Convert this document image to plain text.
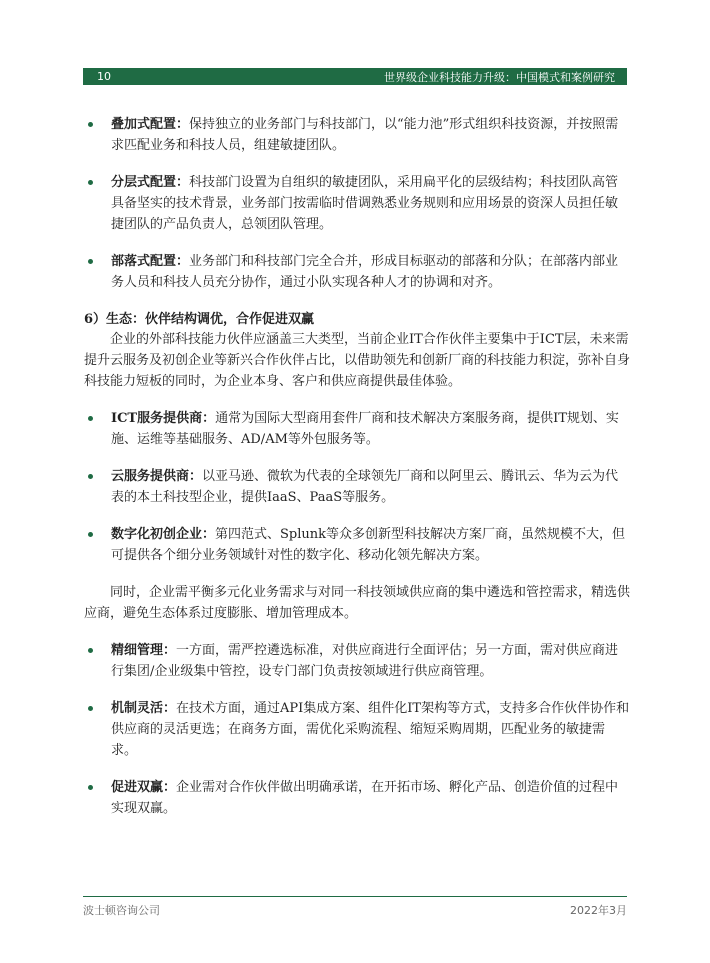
10	世界级企业科技能力升级：中国模式和案例研究
叠加式配置：保持独立的业务部门与科技部门，以“能力池”形式组织科技资源，并按照需求匹配业务和科技人员，组建敏捷团队。
分层式配置：科技部门设置为自组织的敏捷团队，采用扁平化的层级结构；科技团队高管具备坚实的技术背景，业务部门按需临时借调熟悉业务规则和应用场景的资深人员担任敏捷团队的产品负责人，总领团队管理。
部落式配置：业务部门和科技部门完全合并，形成目标驱动的部落和分队；在部落内部业务人员和科技人员充分协作，通过小队实现各种人才的协调和对齐。
6）生态：伙伴结构调优，合作促进双赢

企业的外部科技能力伙伴应涵盖三大类型，当前企业IT合作伙伴主要集中于ICT层，未来需提升云服务及初创企业等新兴合作伙伴占比，以借助领先和创新厂商的科技能力积淀，弥补自身科技能力短板的同时，为企业本身、客户和供应商提供最佳体验。

ICT服务提供商：通常为国际大型商用套件厂商和技术解决方案服务商，提供IT规划、实施、运维等基础服务、AD/AM等外包服务等。
云服务提供商：以亚马逊、微软为代表的全球领先厂商和以阿里云、腾讯云、华为云为代表的本土科技型企业，提供IaaS、PaaS等服务。
数字化初创企业：第四范式、Splunk等众多创新型科技解决方案厂商，虽然规模不大，但可提供各个细分业务领域针对性的数字化、移动化领先解决方案。

同时，企业需平衡多元化业务需求与对同一科技领域供应商的集中遴选和管控需求，精选供应商，避免生态体系过度膨胀、增加管理成本。

精细管理：一方面，需严控遴选标准，对供应商进行全面评估；另一方面，需对供应商进行集团/企业级集中管控，设专门部门负责按领域进行供应商管理。
机制灵活：在技术方面，通过API集成方案、组件化IT架构等方式，支持多合作伙伴协作和供应商的灵活更选；在商务方面，需优化采购流程、缩短采购周期，匹配业务的敏捷需求。
促进双赢：企业需对合作伙伴做出明确承诺，在开拓市场、孵化产品、创造价值的过程中实现双赢。
波士顿咨询公司	2022年3月
